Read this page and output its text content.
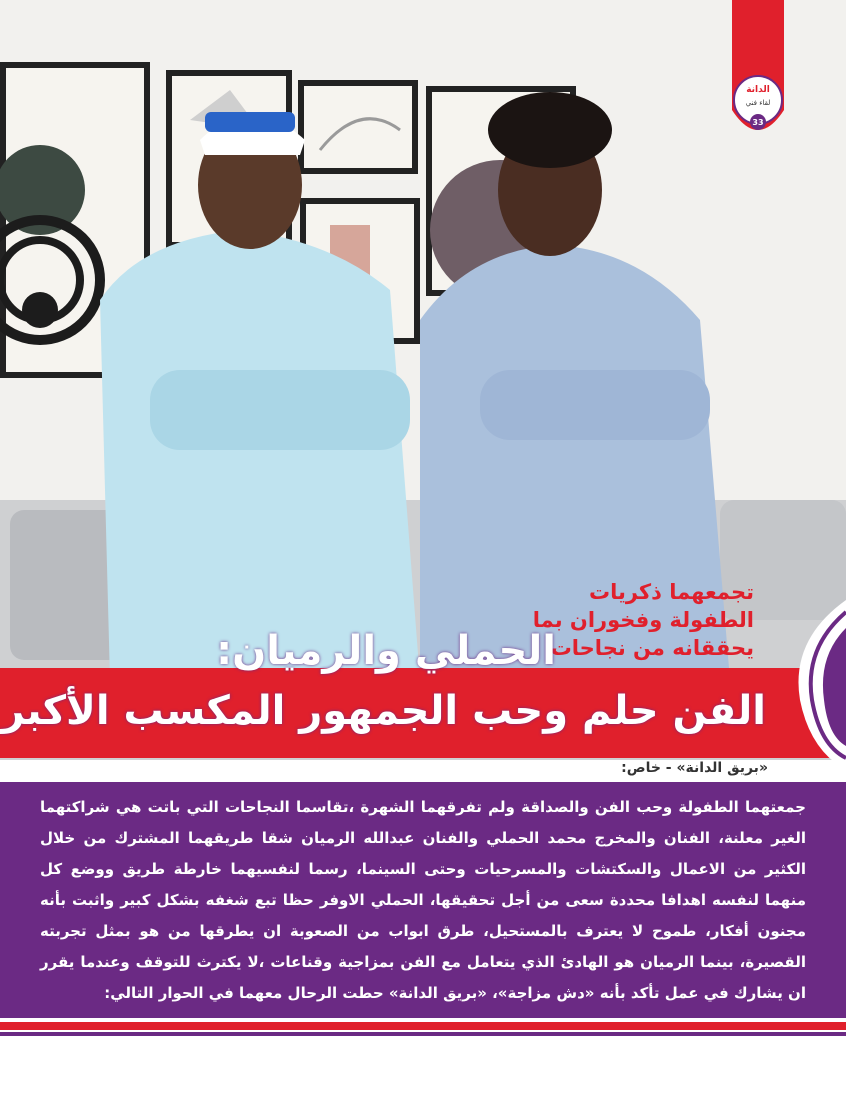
الدانة
لقاء فني
33
تجمعهما ذكريات
الطفولة وفخوران بما
يحققانه من نجاحات
الحملي والرميان:
الفن حلم وحب الجمهور المكسب الأكبر
«بريق الدانة» - خاص:

جمعتهما الطفولة وحب الفن والصداقة ولم تفرقهما الشهرة ،تقاسما النجاحات التي باتت هي شراكتهما الغير معلنة، الفنان والمخرج محمد الحملي والفنان عبدالله الرميان شقا طريقهما المشترك من خلال الكثير من الاعمال والسكتشات والمسرحيات وحتى السينما، رسما لنفسيهما خارطة طريق ووضع كل منهما لنفسه اهدافا محددة سعى من أجل تحقيقها، الحملي الاوفر حظا تبع شغفه بشكل كبير واثبت بأنه مجنون أفكار، طموح لا يعترف بالمستحيل، طرق ابواب من الصعوبة ان يطرقها من هو بمثل تجربته القصيرة، بينما الرميان هو الهادئ الذي يتعامل مع الفن بمزاجية وقناعات ،لا يكترث للتوقف وعندما يقرر ان يشارك في عمل تأكد بأنه «دش مزاجة»، «بريق الدانة» حطت الرحال معهما في الحوار التالي:
